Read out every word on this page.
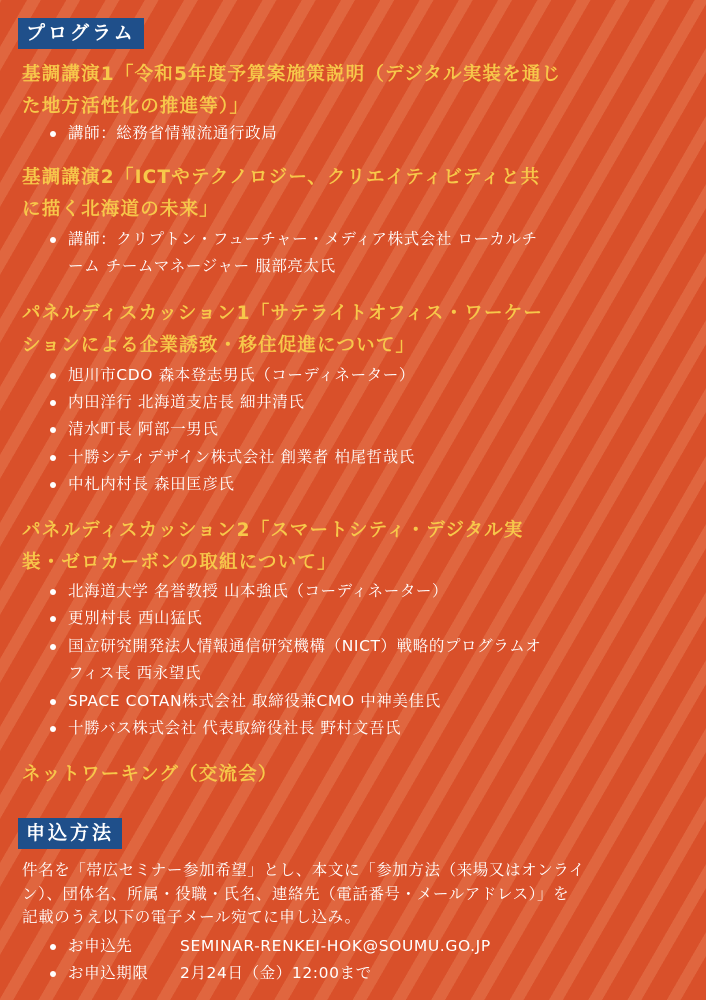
プログラム
基調講演1「令和5年度予算案施策説明（デジタル実装を通じ
た地方活性化の推進等）」
講師：総務省情報流通行政局
基調講演2「ICTやテクノロジー、クリエイティビティと共
に描く北海道の未来」
講師：クリプトン・フューチャー・メディア株式会社 ローカルチ
ーム チームマネージャー 服部亮太氏
パネルディスカッション1「サテライトオフィス・ワーケー
ションによる企業誘致・移住促進について」
旭川市CDO 森本登志男氏（コーディネーター）
内田洋行 北海道支店長 細井清氏
清水町長 阿部一男氏
十勝シティデザイン株式会社 創業者 柏尾哲哉氏
中札内村長 森田匡彦氏
パネルディスカッション2「スマートシティ・デジタル実
装・ゼロカーボンの取組について」
北海道大学 名誉教授 山本強氏（コーディネーター）
更別村長 西山猛氏
国立研究開発法人情報通信研究機構（NICT）戦略的プログラムオ
フィス長 西永望氏
SPACE COTAN株式会社 取締役兼CMO 中神美佳氏
十勝バス株式会社 代表取締役社長 野村文吾氏
ネットワーキング（交流会）
申込方法
件名を「帯広セミナー参加希望」とし、本文に「参加方法（来場又はオンライ
ン）、団体名、所属・役職・氏名、連絡先（電話番号・メールアドレス）」を
記載のうえ以下の電子メール宛てに申し込み。
お申込先	SEMINAR-RENKEI-HOK@SOUMU.GO.JP
お申込期限 2月24日（金）12:00まで
